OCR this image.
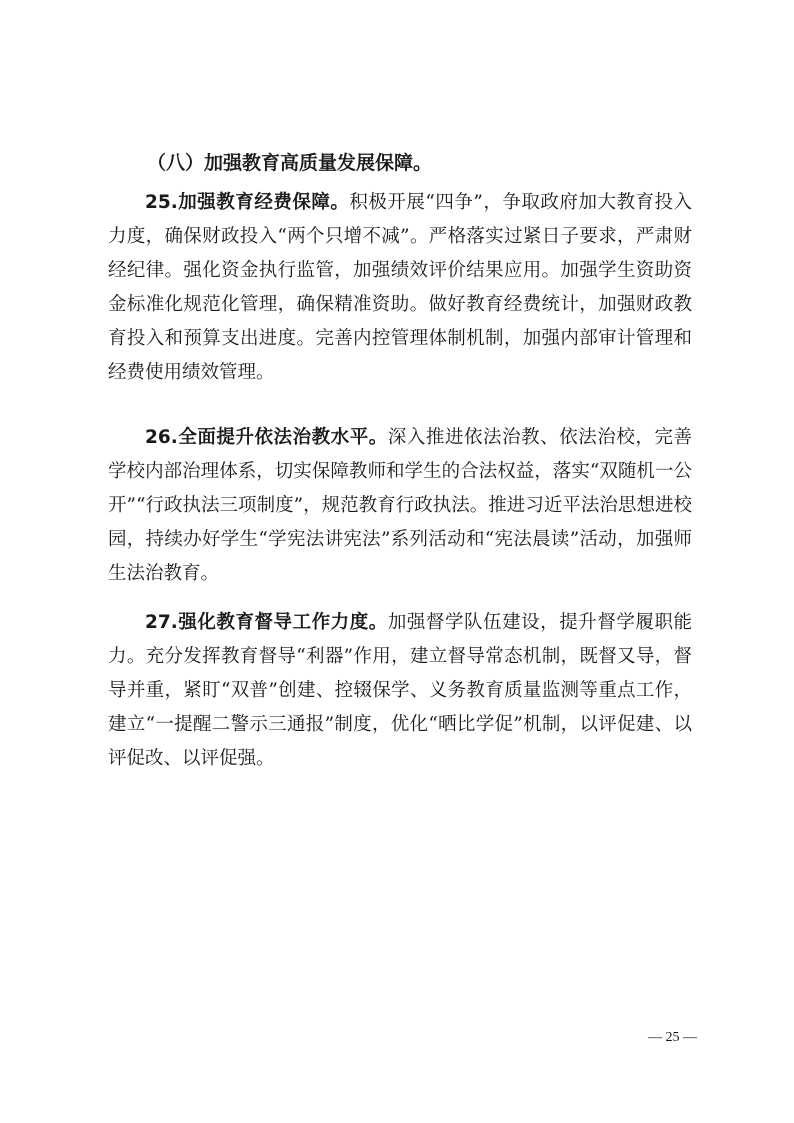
（八）加强教育高质量发展保障。

25.加强教育经费保障。积极开展“四争”，争取政府加大教育投入力度，确保财政投入“两个只增不减”。严格落实过紧日子要求，严肃财经纪律。强化资金执行监管，加强绩效评价结果应用。加强学生资助资金标准化规范化管理，确保精准资助。做好教育经费统计，加强财政教育投入和预算支出进度。完善内控管理体制机制，加强内部审计管理和经费使用绩效管理。

26.全面提升依法治教水平。深入推进依法治教、依法治校，完善学校内部治理体系，切实保障教师和学生的合法权益，落实“双随机一公开”“行政执法三项制度”，规范教育行政执法。推进习近平法治思想进校园，持续办好学生“学宪法讲宪法”系列活动和“宪法晨读”活动，加强师生法治教育。

27.强化教育督导工作力度。加强督学队伍建设，提升督学履职能力。充分发挥教育督导“利器”作用，建立督导常态机制，既督又导，督导并重，紧盯“双普”创建、控辍保学、义务教育质量监测等重点工作，建立“一提醒二警示三通报”制度，优化“晒比学促”机制，以评促建、以评促改、以评促强。

— 25 —
